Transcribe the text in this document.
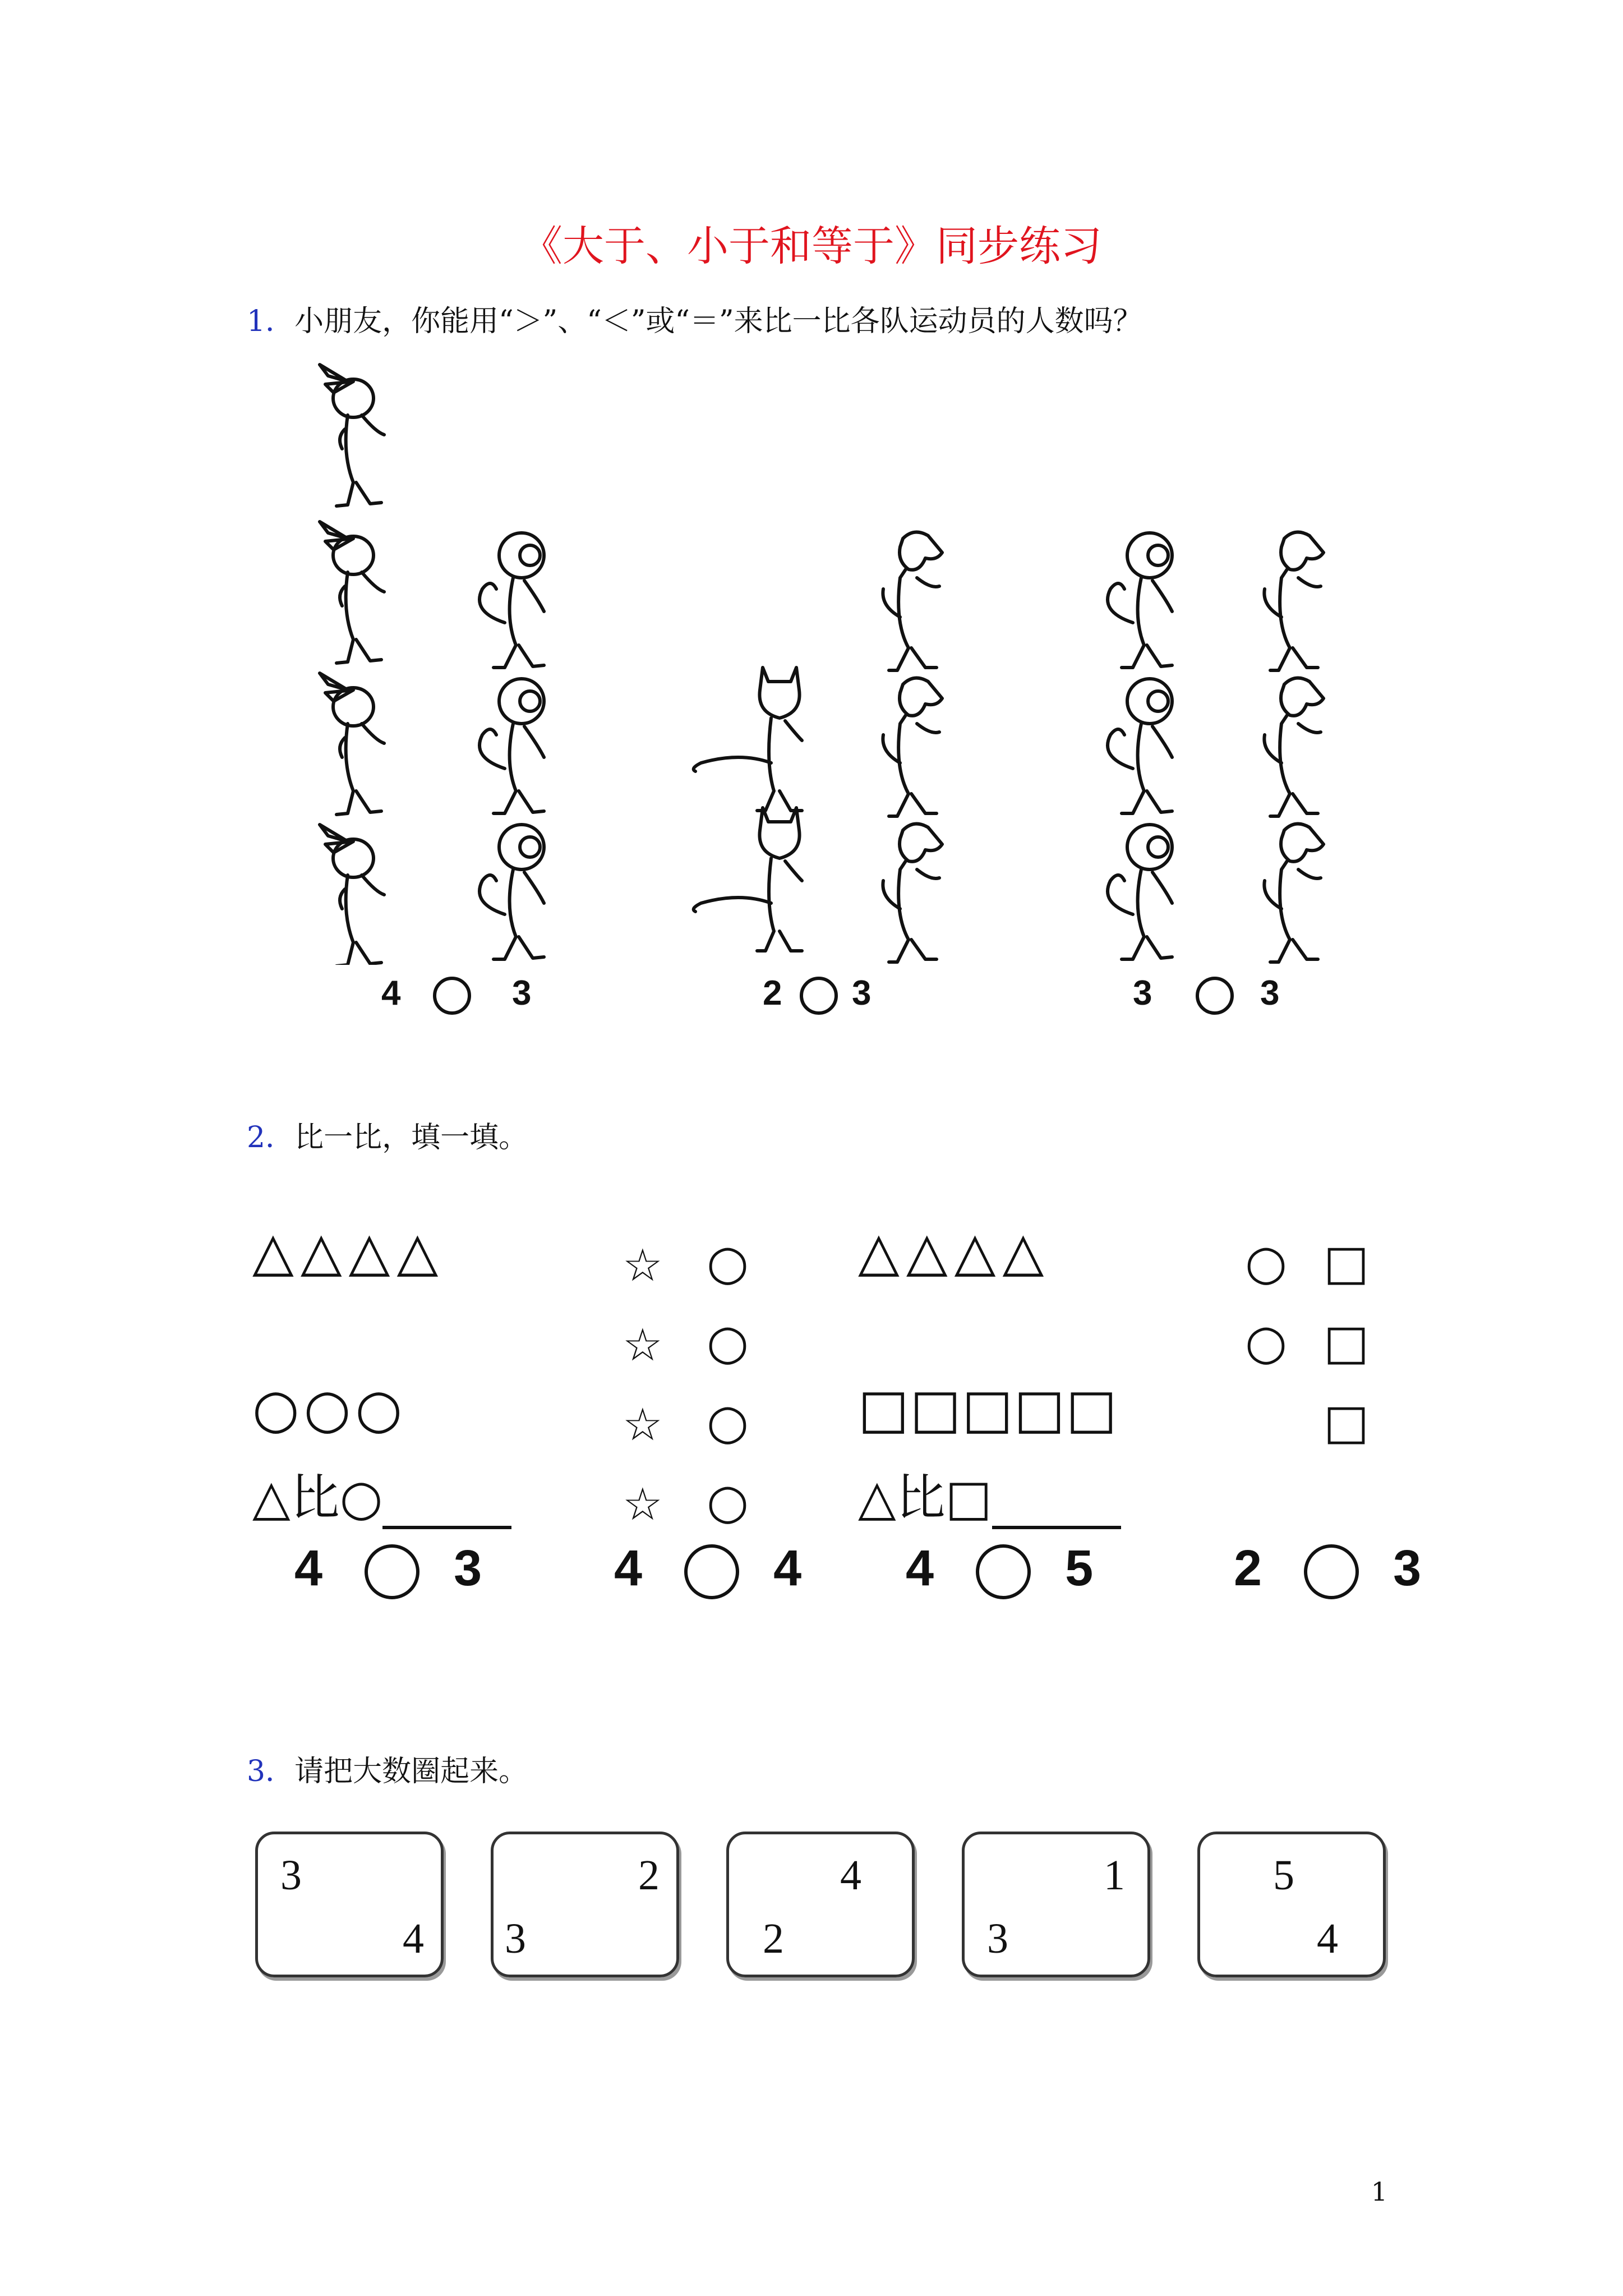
《大于、小于和等于》同步练习
1．小朋友，你能用“＞”、“＜”或“＝”来比一比各队运动员的人数吗？
4	3	2 3	3	3
2．比一比，填一填。
△△△△
○○○
△比○
☆
☆
☆
☆
○
○
○
○
△△△△
□□□□□
△比□
○
○
□
□
□
4	3	4	4 4	5	2	3
3．请把大数圈起来。
3
4
2
3
4
2
1
3
5
4
1
